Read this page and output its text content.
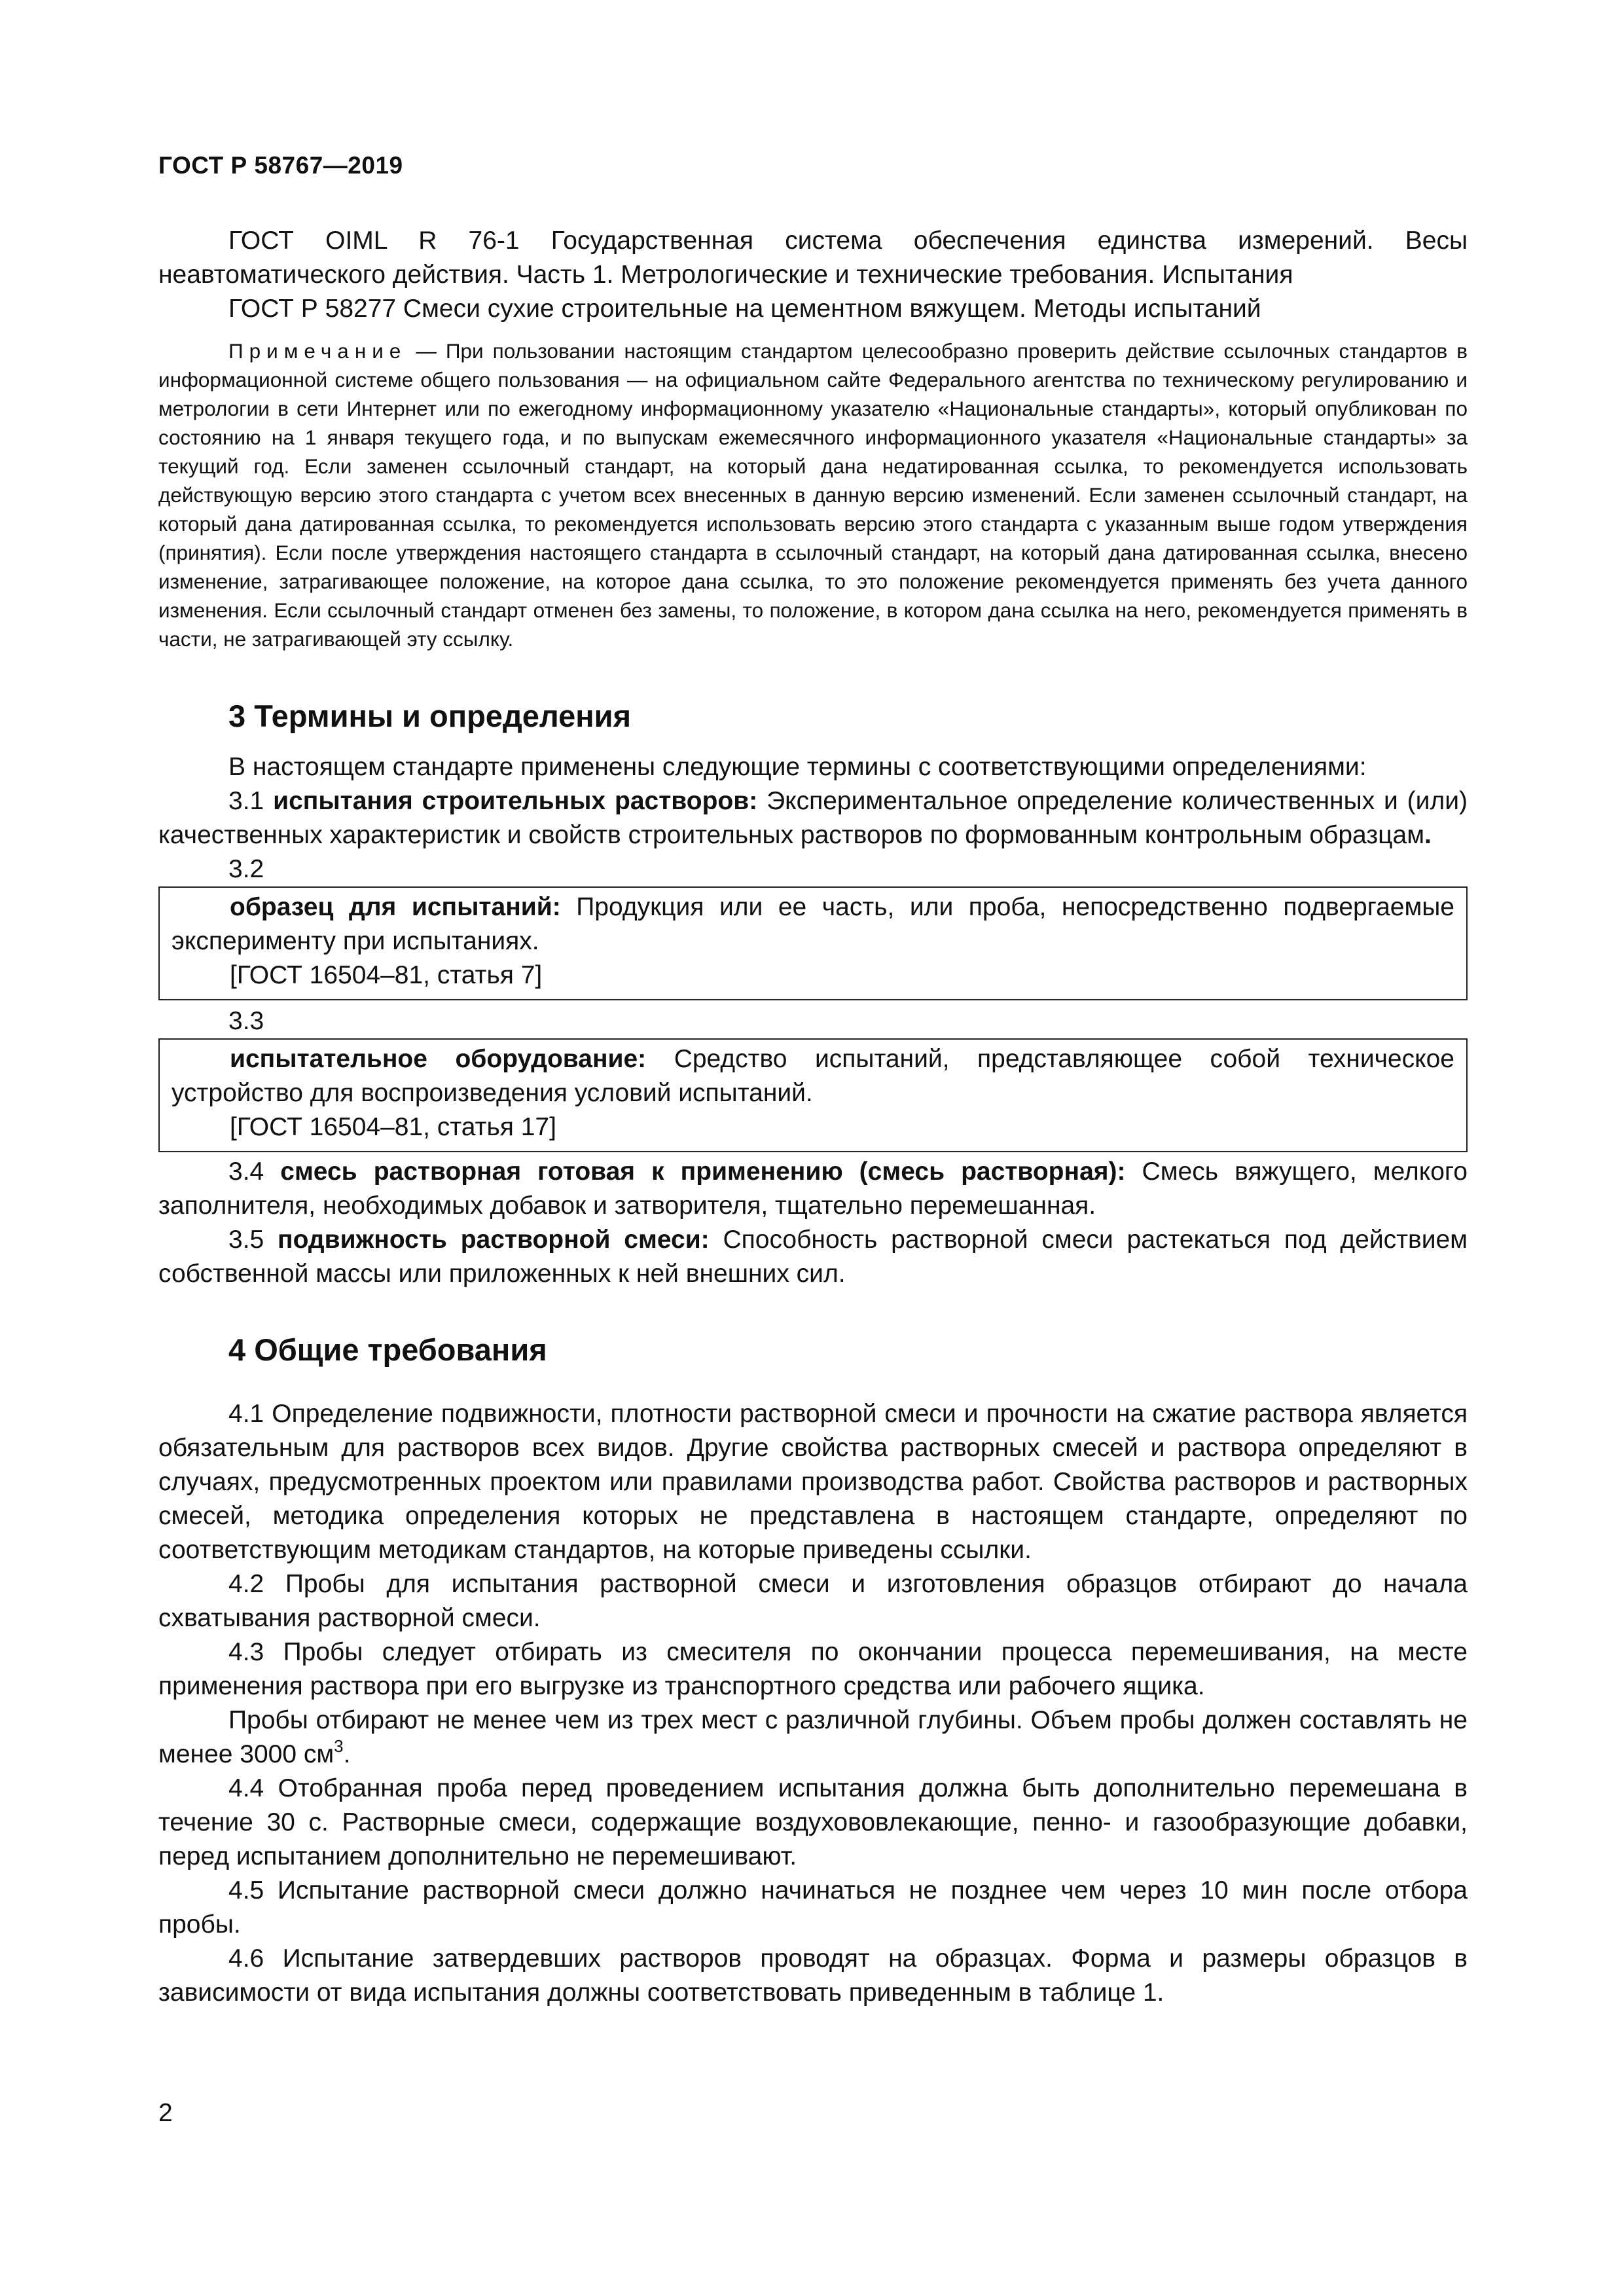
ГОСТ Р 58767—2019

ГОСТ OIML R 76-1 Государственная система обеспечения единства измерений. Весы неавтоматического действия. Часть 1. Метрологические и технические требования. Испытания

ГОСТ Р 58277 Смеси сухие строительные на цементном вяжущем. Методы испытаний

Примечание — При пользовании настоящим стандартом целесообразно проверить действие ссылочных стандартов в информационной системе общего пользования — на официальном сайте Федерального агентства по техническому регулированию и метрологии в сети Интернет или по ежегодному информационному указателю «Национальные стандарты», который опубликован по состоянию на 1 января текущего года, и по выпускам ежемесячного информационного указателя «Национальные стандарты» за текущий год. Если заменен ссылочный стандарт, на который дана недатированная ссылка, то рекомендуется использовать действующую версию этого стандарта с учетом всех внесенных в данную версию изменений. Если заменен ссылочный стандарт, на который дана датированная ссылка, то рекомендуется использовать версию этого стандарта с указанным выше годом утверждения (принятия). Если после утверждения настоящего стандарта в ссылочный стандарт, на который дана датированная ссылка, внесено изменение, затрагивающее положение, на которое дана ссылка, то это положение рекомендуется применять без учета данного изменения. Если ссылочный стандарт отменен без замены, то положение, в котором дана ссылка на него, рекомендуется применять в части, не затрагивающей эту ссылку.
3 Термины и определения

В настоящем стандарте применены следующие термины с соответствующими определениями:

3.1 испытания строительных растворов: Экспериментальное определение количественных и (или) качественных характеристик и свойств строительных растворов по формованным контрольным образцам.

3.2

образец для испытаний: Продукция или ее часть, или проба, непосредственно подвергаемые эксперименту при испытаниях.

[ГОСТ 16504–81, статья 7]

3.3

испытательное оборудование: Средство испытаний, представляющее собой техническое устройство для воспроизведения условий испытаний.

[ГОСТ 16504–81, статья 17]

3.4 смесь растворная готовая к применению (смесь растворная): Смесь вяжущего, мелкого заполнителя, необходимых добавок и затворителя, тщательно перемешанная.

3.5 подвижность растворной смеси: Способность растворной смеси растекаться под действием собственной массы или приложенных к ней внешних сил.

4 Общие требования

4.1 Определение подвижности, плотности растворной смеси и прочности на сжатие раствора является обязательным для растворов всех видов. Другие свойства растворных смесей и раствора определяют в случаях, предусмотренных проектом или правилами производства работ. Свойства растворов и растворных смесей, методика определения которых не представлена в настоящем стандарте, определяют по соответствующим методикам стандартов, на которые приведены ссылки.

4.2 Пробы для испытания растворной смеси и изготовления образцов отбирают до начала схватывания растворной смеси.

4.3 Пробы следует отбирать из смесителя по окончании процесса перемешивания, на месте применения раствора при его выгрузке из транспортного средства или рабочего ящика.

Пробы отбирают не менее чем из трех мест с различной глубины. Объем пробы должен составлять не менее 3000 $см^3$.

4.4 Отобранная проба перед проведением испытания должна быть дополнительно перемешана в течение 30 с. Растворные смеси, содержащие воздухововлекающие, пенно- и газообразующие добавки, перед испытанием дополнительно не перемешивают.

4.5 Испытание растворной смеси должно начинаться не позднее чем через 10 мин после отбора пробы.

4.6 Испытание затвердевших растворов проводят на образцах. Форма и размеры образцов в зависимости от вида испытания должны соответствовать приведенным в таблице 1.

2
